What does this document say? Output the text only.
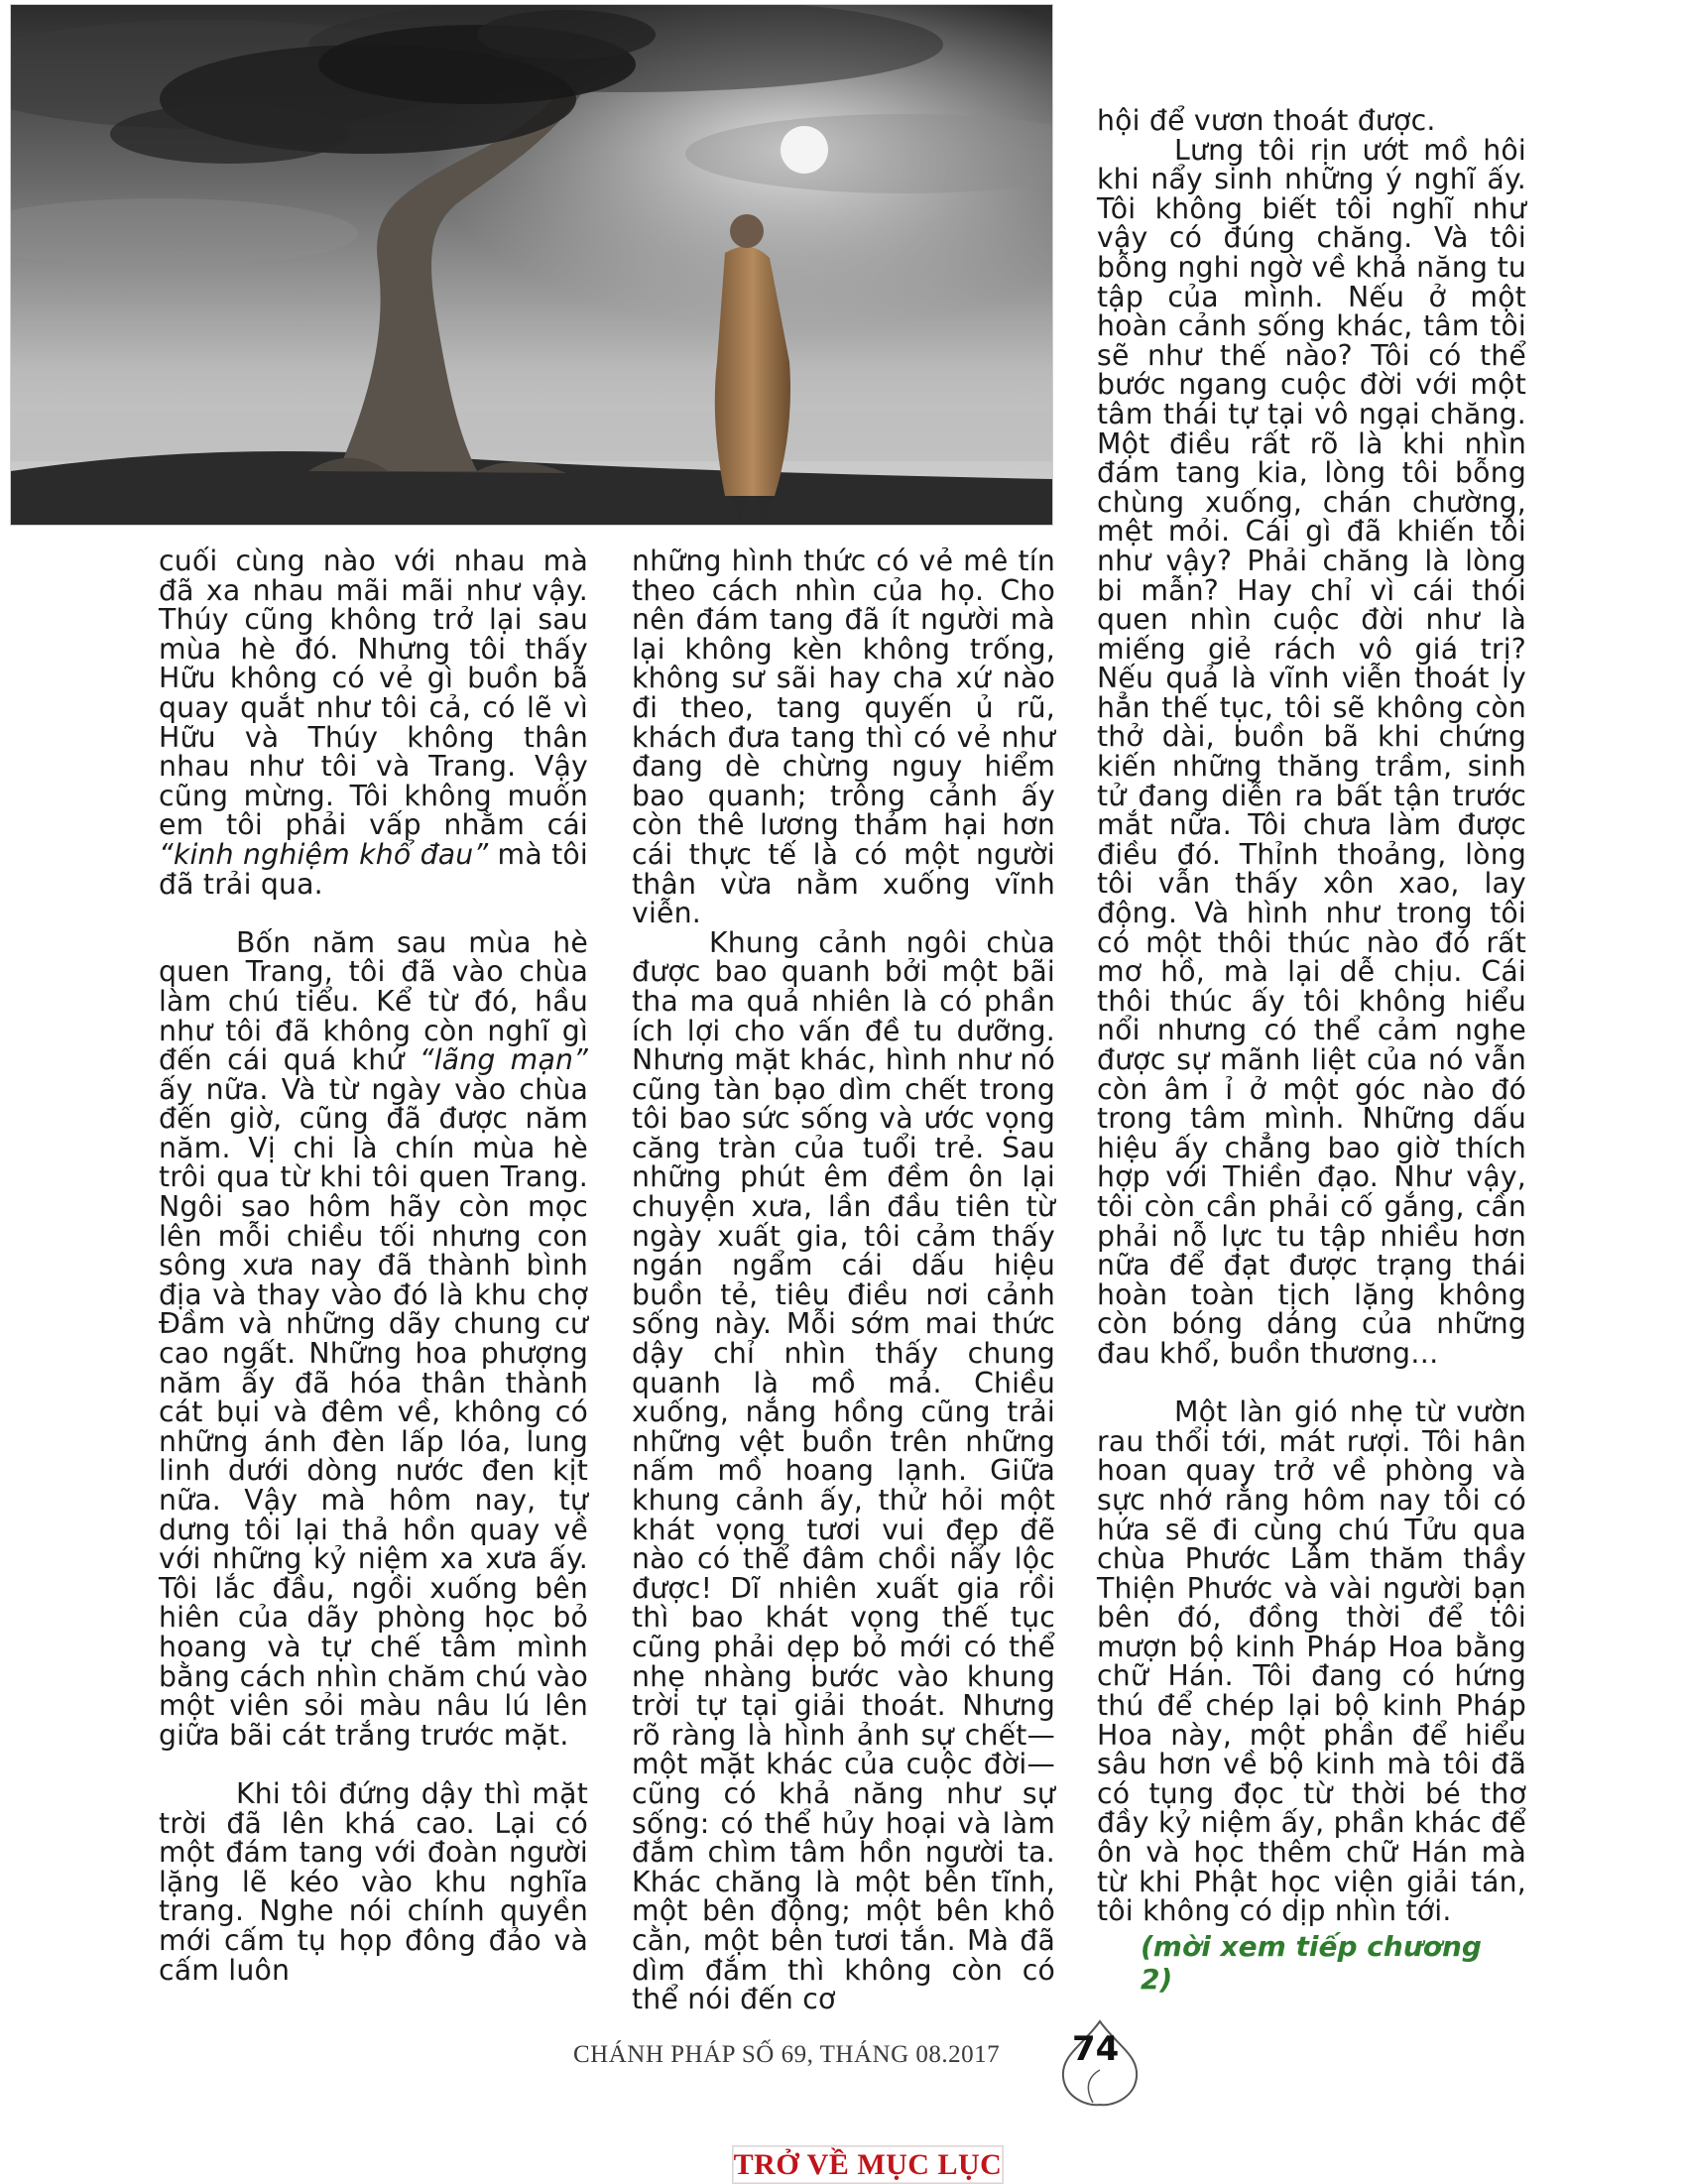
cuối cùng nào với nhau mà đã xa nhau mãi mãi như vậy. Thúy cũng không trở lại sau mùa hè đó. Nhưng tôi thấy Hữu không có vẻ gì buồn bã quay quắt như tôi cả, có lẽ vì Hữu và Thúy không thân nhau như tôi và Trang. Vậy cũng mừng. Tôi không muốn em tôi phải vấp nhằm cái “kinh nghiệm khổ đau” mà tôi đã trải qua.

Bốn năm sau mùa hè quen Trang, tôi đã vào chùa làm chú tiểu. Kể từ đó, hầu như tôi đã không còn nghĩ gì đến cái quá khứ “lãng mạn” ấy nữa. Và từ ngày vào chùa đến giờ, cũng đã được năm năm. Vị chi là chín mùa hè trôi qua từ khi tôi quen Trang. Ngôi sao hôm hãy còn mọc lên mỗi chiều tối nhưng con sông xưa nay đã thành bình địa và thay vào đó là khu chợ Đầm và những dãy chung cư cao ngất. Những hoa phượng năm ấy đã hóa thân thành cát bụi và đêm về, không có những ánh đèn lấp lóa, lung linh dưới dòng nước đen kịt nữa. Vậy mà hôm nay, tự dưng tôi lại thả hồn quay về với những kỷ niệm xa xưa ấy. Tôi lắc đầu, ngồi xuống bên hiên của dãy phòng học bỏ hoang và tự chế tâm mình bằng cách nhìn chăm chú vào một viên sỏi màu nâu lú lên giữa bãi cát trắng trước mặt.

Khi tôi đứng dậy thì mặt trời đã lên khá cao. Lại có một đám tang với đoàn người lặng lẽ kéo vào khu nghĩa trang. Nghe nói chính quyền mới cấm tụ họp đông đảo và cấm luôn

những hình thức có vẻ mê tín theo cách nhìn của họ. Cho nên đám tang đã ít người mà lại không kèn không trống, không sư sãi hay cha xứ nào đi theo, tang quyến ủ rũ, khách đưa tang thì có vẻ như đang dè chừng nguy hiểm bao quanh; trông cảnh ấy còn thê lương thảm hại hơn cái thực tế là có một người thân vừa nằm xuống vĩnh viễn.

Khung cảnh ngôi chùa được bao quanh bởi một bãi tha ma quả nhiên là có phần ích lợi cho vấn đề tu dưỡng. Nhưng mặt khác, hình như nó cũng tàn bạo dìm chết trong tôi bao sức sống và ước vọng căng tràn của tuổi trẻ. Sau những phút êm đềm ôn lại chuyện xưa, lần đầu tiên từ ngày xuất gia, tôi cảm thấy ngán ngẩm cái dấu hiệu buồn tẻ, tiêu điều nơi cảnh sống này. Mỗi sớm mai thức dậy chỉ nhìn thấy chung quanh là mồ mả. Chiều xuống, nắng hồng cũng trải những vệt buồn trên những nấm mồ hoang lạnh. Giữa khung cảnh ấy, thử hỏi một khát vọng tươi vui đẹp đẽ nào có thể đâm chồi nẩy lộc được! Dĩ nhiên xuất gia rồi thì bao khát vọng thế tục cũng phải dẹp bỏ mới có thể nhẹ nhàng bước vào khung trời tự tại giải thoát. Nhưng rõ ràng là hình ảnh sự chết—một mặt khác của cuộc đời—cũng có khả năng như sự sống: có thể hủy hoại và làm đắm chìm tâm hồn người ta. Khác chăng là một bên tĩnh, một bên động; một bên khô cằn, một bên tươi tắn. Mà đã dìm đắm thì không còn có thể nói đến cơ

hội để vươn thoát được.

Lưng tôi rịn ướt mồ hôi khi nẩy sinh những ý nghĩ ấy. Tôi không biết tôi nghĩ như vậy có đúng chăng. Và tôi bỗng nghi ngờ về khả năng tu tập của mình. Nếu ở một hoàn cảnh sống khác, tâm tôi sẽ như thế nào? Tôi có thể bước ngang cuộc đời với một tâm thái tự tại vô ngại chăng. Một điều rất rõ là khi nhìn đám tang kia, lòng tôi bỗng chùng xuống, chán chường, mệt mỏi. Cái gì đã khiến tôi như vậy? Phải chăng là lòng bi mẫn? Hay chỉ vì cái thói quen nhìn cuộc đời như là miếng giẻ rách vô giá trị? Nếu quả là vĩnh viễn thoát ly hẳn thế tục, tôi sẽ không còn thở dài, buồn bã khi chứng kiến những thăng trầm, sinh tử đang diễn ra bất tận trước mắt nữa. Tôi chưa làm được điều đó. Thỉnh thoảng, lòng tôi vẫn thấy xôn xao, lay động. Và hình như trong tôi có một thôi thúc nào đó rất mơ hồ, mà lại dễ chịu. Cái thôi thúc ấy tôi không hiểu nổi nhưng có thể cảm nghe được sự mãnh liệt của nó vẫn còn âm ỉ ở một góc nào đó trong tâm mình. Những dấu hiệu ấy chẳng bao giờ thích hợp với Thiền đạo. Như vậy, tôi còn cần phải cố gắng, cần phải nỗ lực tu tập nhiều hơn nữa để đạt được trạng thái hoàn toàn tịch lặng không còn bóng dáng của những đau khổ, buồn thương…

Một làn gió nhẹ từ vườn rau thổi tới, mát rượi. Tôi hân hoan quay trở về phòng và sực nhớ rằng hôm nay tôi có hứa sẽ đi cùng chú Tửu qua chùa Phước Lâm thăm thầy Thiện Phước và vài người bạn bên đó, đồng thời để tôi mượn bộ kinh Pháp Hoa bằng chữ Hán. Tôi đang có hứng thú để chép lại bộ kinh Pháp Hoa này, một phần để hiểu sâu hơn về bộ kinh mà tôi đã có tụng đọc từ thời bé thơ đầy kỷ niệm ấy, phần khác để ôn và học thêm chữ Hán mà từ khi Phật học viện giải tán, tôi không có dịp nhìn tới.

(mời xem tiếp chương 2)
CHÁNH PHÁP SỐ 69, THÁNG 08.2017 74
TRỞ VỀ MỤC LỤC
